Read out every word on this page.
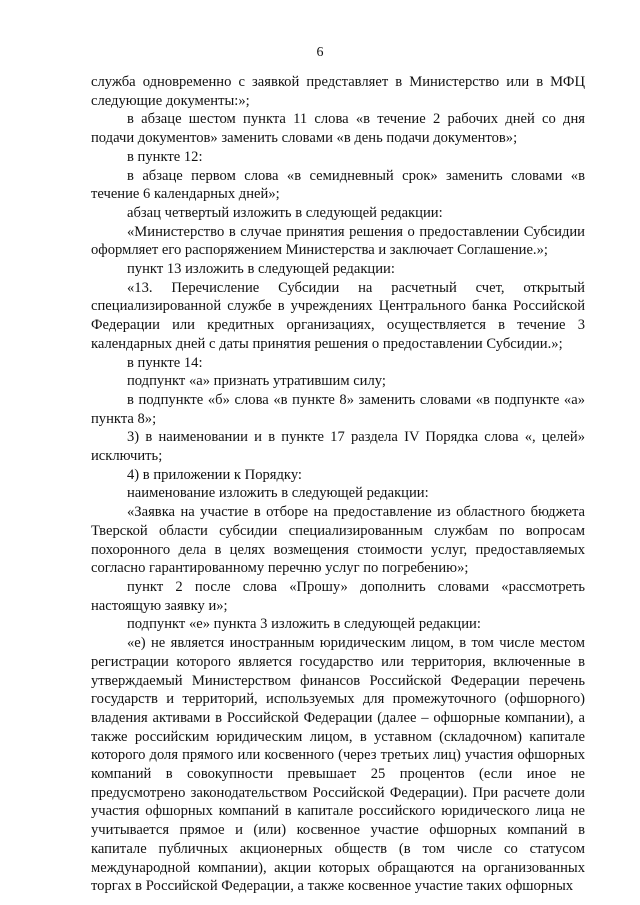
6

служба одновременно с заявкой представляет в Министерство или в МФЦ следующие документы:»;

в абзаце шестом пункта 11 слова «в течение 2 рабочих дней со дня подачи документов» заменить словами «в день подачи документов»;

в пункте 12:

в абзаце первом слова «в семидневный срок» заменить словами «в течение 6 календарных дней»;

абзац четвертый изложить в следующей редакции:

«Министерство в случае принятия решения о предоставлении Субсидии оформляет его распоряжением Министерства и заключает Соглашение.»;

пункт 13 изложить в следующей редакции:

«13. Перечисление Субсидии на расчетный счет, открытый специализированной службе в учреждениях Центрального банка Российской Федерации или кредитных организациях, осуществляется в течение 3 календарных дней с даты принятия решения о предоставлении Субсидии.»;

в пункте 14:

подпункт «а» признать утратившим силу;

в подпункте «б» слова «в пункте 8» заменить словами «в подпункте «а» пункта 8»;

3) в наименовании и в пункте 17 раздела IV Порядка слова «, целей» исключить;

4) в приложении к Порядку:

наименование изложить в следующей редакции:

«Заявка на участие в отборе на предоставление из областного бюджета Тверской области субсидии специализированным службам по вопросам похоронного дела в целях возмещения стоимости услуг, предоставляемых согласно гарантированному перечню услуг по погребению»;

пункт 2 после слова «Прошу» дополнить словами «рассмотреть настоящую заявку и»;

подпункт «е» пункта 3 изложить в следующей редакции:

«е) не является иностранным юридическим лицом, в том числе местом регистрации которого является государство или территория, включенные в утверждаемый Министерством финансов Российской Федерации перечень государств и территорий, используемых для промежуточного (офшорного) владения активами в Российской Федерации (далее – офшорные компании), а также российским юридическим лицом, в уставном (складочном) капитале которого доля прямого или косвенного (через третьих лиц) участия офшорных компаний в совокупности превышает 25 процентов (если иное не предусмотрено законодательством Российской Федерации). При расчете доли участия офшорных компаний в капитале российского юридического лица не учитывается прямое и (или) косвенное участие офшорных компаний в капитале публичных акционерных обществ (в том числе со статусом международной компании), акции которых обращаются на организованных торгах в Российской Федерации, а также косвенное участие таких офшорных
